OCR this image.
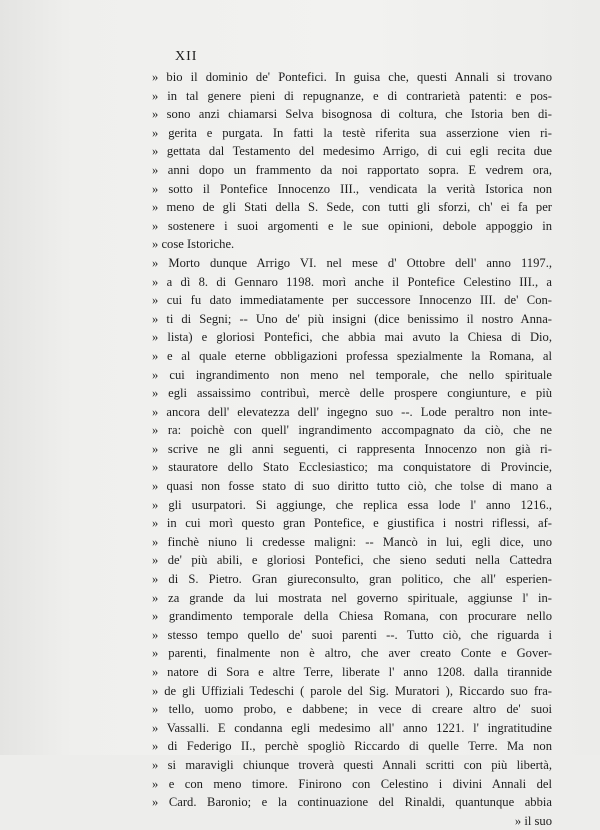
XII
» bio il dominio de' Pontefici. In guisa che, questi Annali si trovano
» in tal genere pieni di repugnanze, e di contrarietà patenti: e pos-
» sono anzi chiamarsi Selva bisognosa di coltura, che Istoria ben di-
» gerita e purgata. In fatti la testè riferita sua asserzione vien ri-
» gettata dal Testamento del medesimo Arrigo, di cui egli recita due
» anni dopo un frammento da noi rapportato sopra. E vedrem ora,
» sotto il Pontefice Innocenzo III., vendicata la verità Istorica non
» meno de gli Stati della S. Sede, con tutti gli sforzi, ch' ei fa per
» sostenere i suoi argomenti e le sue opinioni, debole appoggio in
» cose Istoriche.
» Morto dunque Arrigo VI. nel mese d' Ottobre dell' anno 1197.,
» a dì 8. di Gennaro 1198. morì anche il Pontefice Celestino III., a
» cui fu dato immediatamente per successore Innocenzo III. de' Con-
» ti di Segni; -- Uno de' più insigni (dice benissimo il nostro Anna-
» lista) e gloriosi Pontefici, che abbia mai avuto la Chiesa di Dio,
» e al quale eterne obbligazioni professa spezialmente la Romana, al
» cui ingrandimento non meno nel temporale, che nello spirituale
» egli assaissimo contribuì, mercè delle prospere congiunture, e più
» ancora dell' elevatezza dell' ingegno suo --. Lode peraltro non inte-
» ra: poichè con quell' ingrandimento accompagnato da ciò, che ne
» scrive ne gli anni seguenti, ci rappresenta Innocenzo non già ri-
» stauratore dello Stato Ecclesiastico; ma conquistatore di Provincie,
» quasi non fosse stato di suo diritto tutto ciò, che tolse di mano a
» gli usurpatori. Si aggiunge, che replica essa lode l' anno 1216.,
» in cui morì questo gran Pontefice, e giustifica i nostri riflessi, af-
» finchè niuno li credesse maligni: -- Mancò in lui, egli dice, uno
» de' più abili, e gloriosi Pontefici, che sieno seduti nella Cattedra
» di S. Pietro. Gran giureconsulto, gran politico, che all' esperien-
» za grande da lui mostrata nel governo spirituale, aggiunse l' in-
» grandimento temporale della Chiesa Romana, con procurare nello
» stesso tempo quello de' suoi parenti --. Tutto ciò, che riguarda i
» parenti, finalmente non è altro, che aver creato Conte e Gover-
» natore di Sora e altre Terre, liberate l' anno 1208. dalla tirannide
» de gli Uffiziali Tedeschi ( parole del Sig. Muratori ), Riccardo suo fra-
» tello, uomo probo, e dabbene; in vece di creare altro de' suoi
» Vassalli. E condanna egli medesimo all' anno 1221. l' ingratitudine
» di Federigo II., perchè spogliò Riccardo di quelle Terre. Ma non
» si maravigli chiunque troverà questi Annali scritti con più libertà,
» e con meno timore. Finirono con Celestino i divini Annali del
» Card. Baronio; e la continuazione del Rinaldi, quantunque abbia
» il suo
